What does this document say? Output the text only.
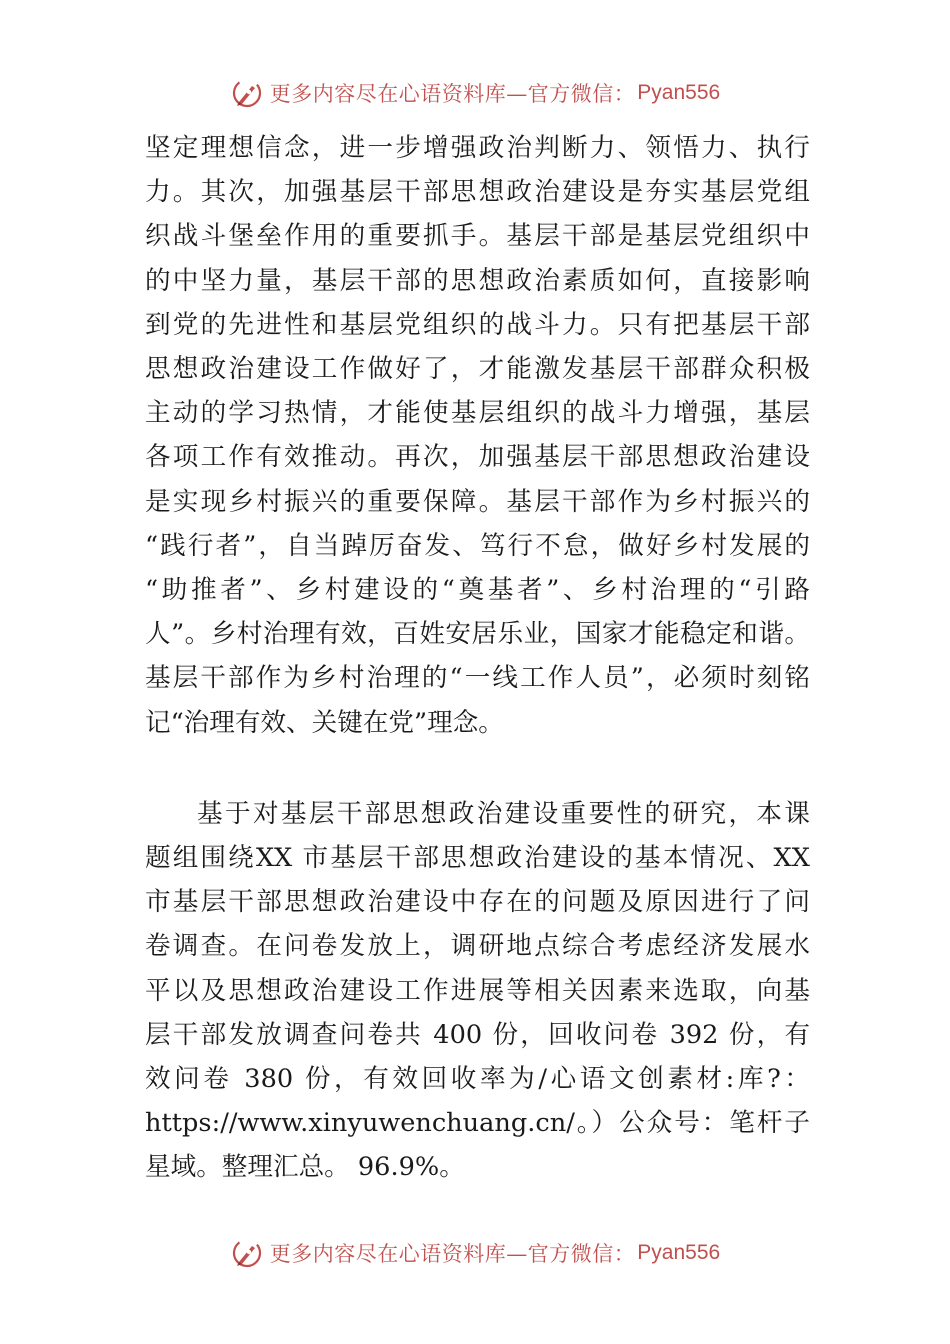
更多内容尽在心语资料库—官方微信： Pyan556

坚定理想信念，进一步增强政治判断力、领悟力、执行
力。其次，加强基层干部思想政治建设是夯实基层党组
织战斗堡垒作用的重要抓手。基层干部是基层党组织中
的中坚力量，基层干部的思想政治素质如何，直接影响
到党的先进性和基层党组织的战斗力。只有把基层干部
思想政治建设工作做好了，才能激发基层干部群众积极
主动的学习热情，才能使基层组织的战斗力增强，基层
各项工作有效推动。再次，加强基层干部思想政治建设
是实现乡村振兴的重要保障。基层干部作为乡村振兴的
“践行者”，自当踔厉奋发、笃行不怠，做好乡村发展的
“助推者”、乡村建设的“奠基者”、乡村治理的“引路
人”。乡村治理有效，百姓安居乐业，国家才能稳定和谐。
基层干部作为乡村治理的“一线工作人员”，必须时刻铭
记“治理有效、关键在党”理念。

基于对基层干部思想政治建设重要性的研究，本课
题组围绕XX 市基层干部思想政治建设的基本情况、XX
市基层干部思想政治建设中存在的问题及原因进行了问
卷调查。在问卷发放上，调研地点综合考虑经济发展水
平以及思想政治建设工作进展等相关因素来选取，向基
层干部发放调查问卷共 400 份，回收问卷 392 份，有
效问卷 380 份，有效回收率为/心语文创素材:库?：
https://www.xinyuwenchuang.cn/。）公众号：笔杆子
星域。整理汇总。 96.9%。

更多内容尽在心语资料库—官方微信： Pyan556
